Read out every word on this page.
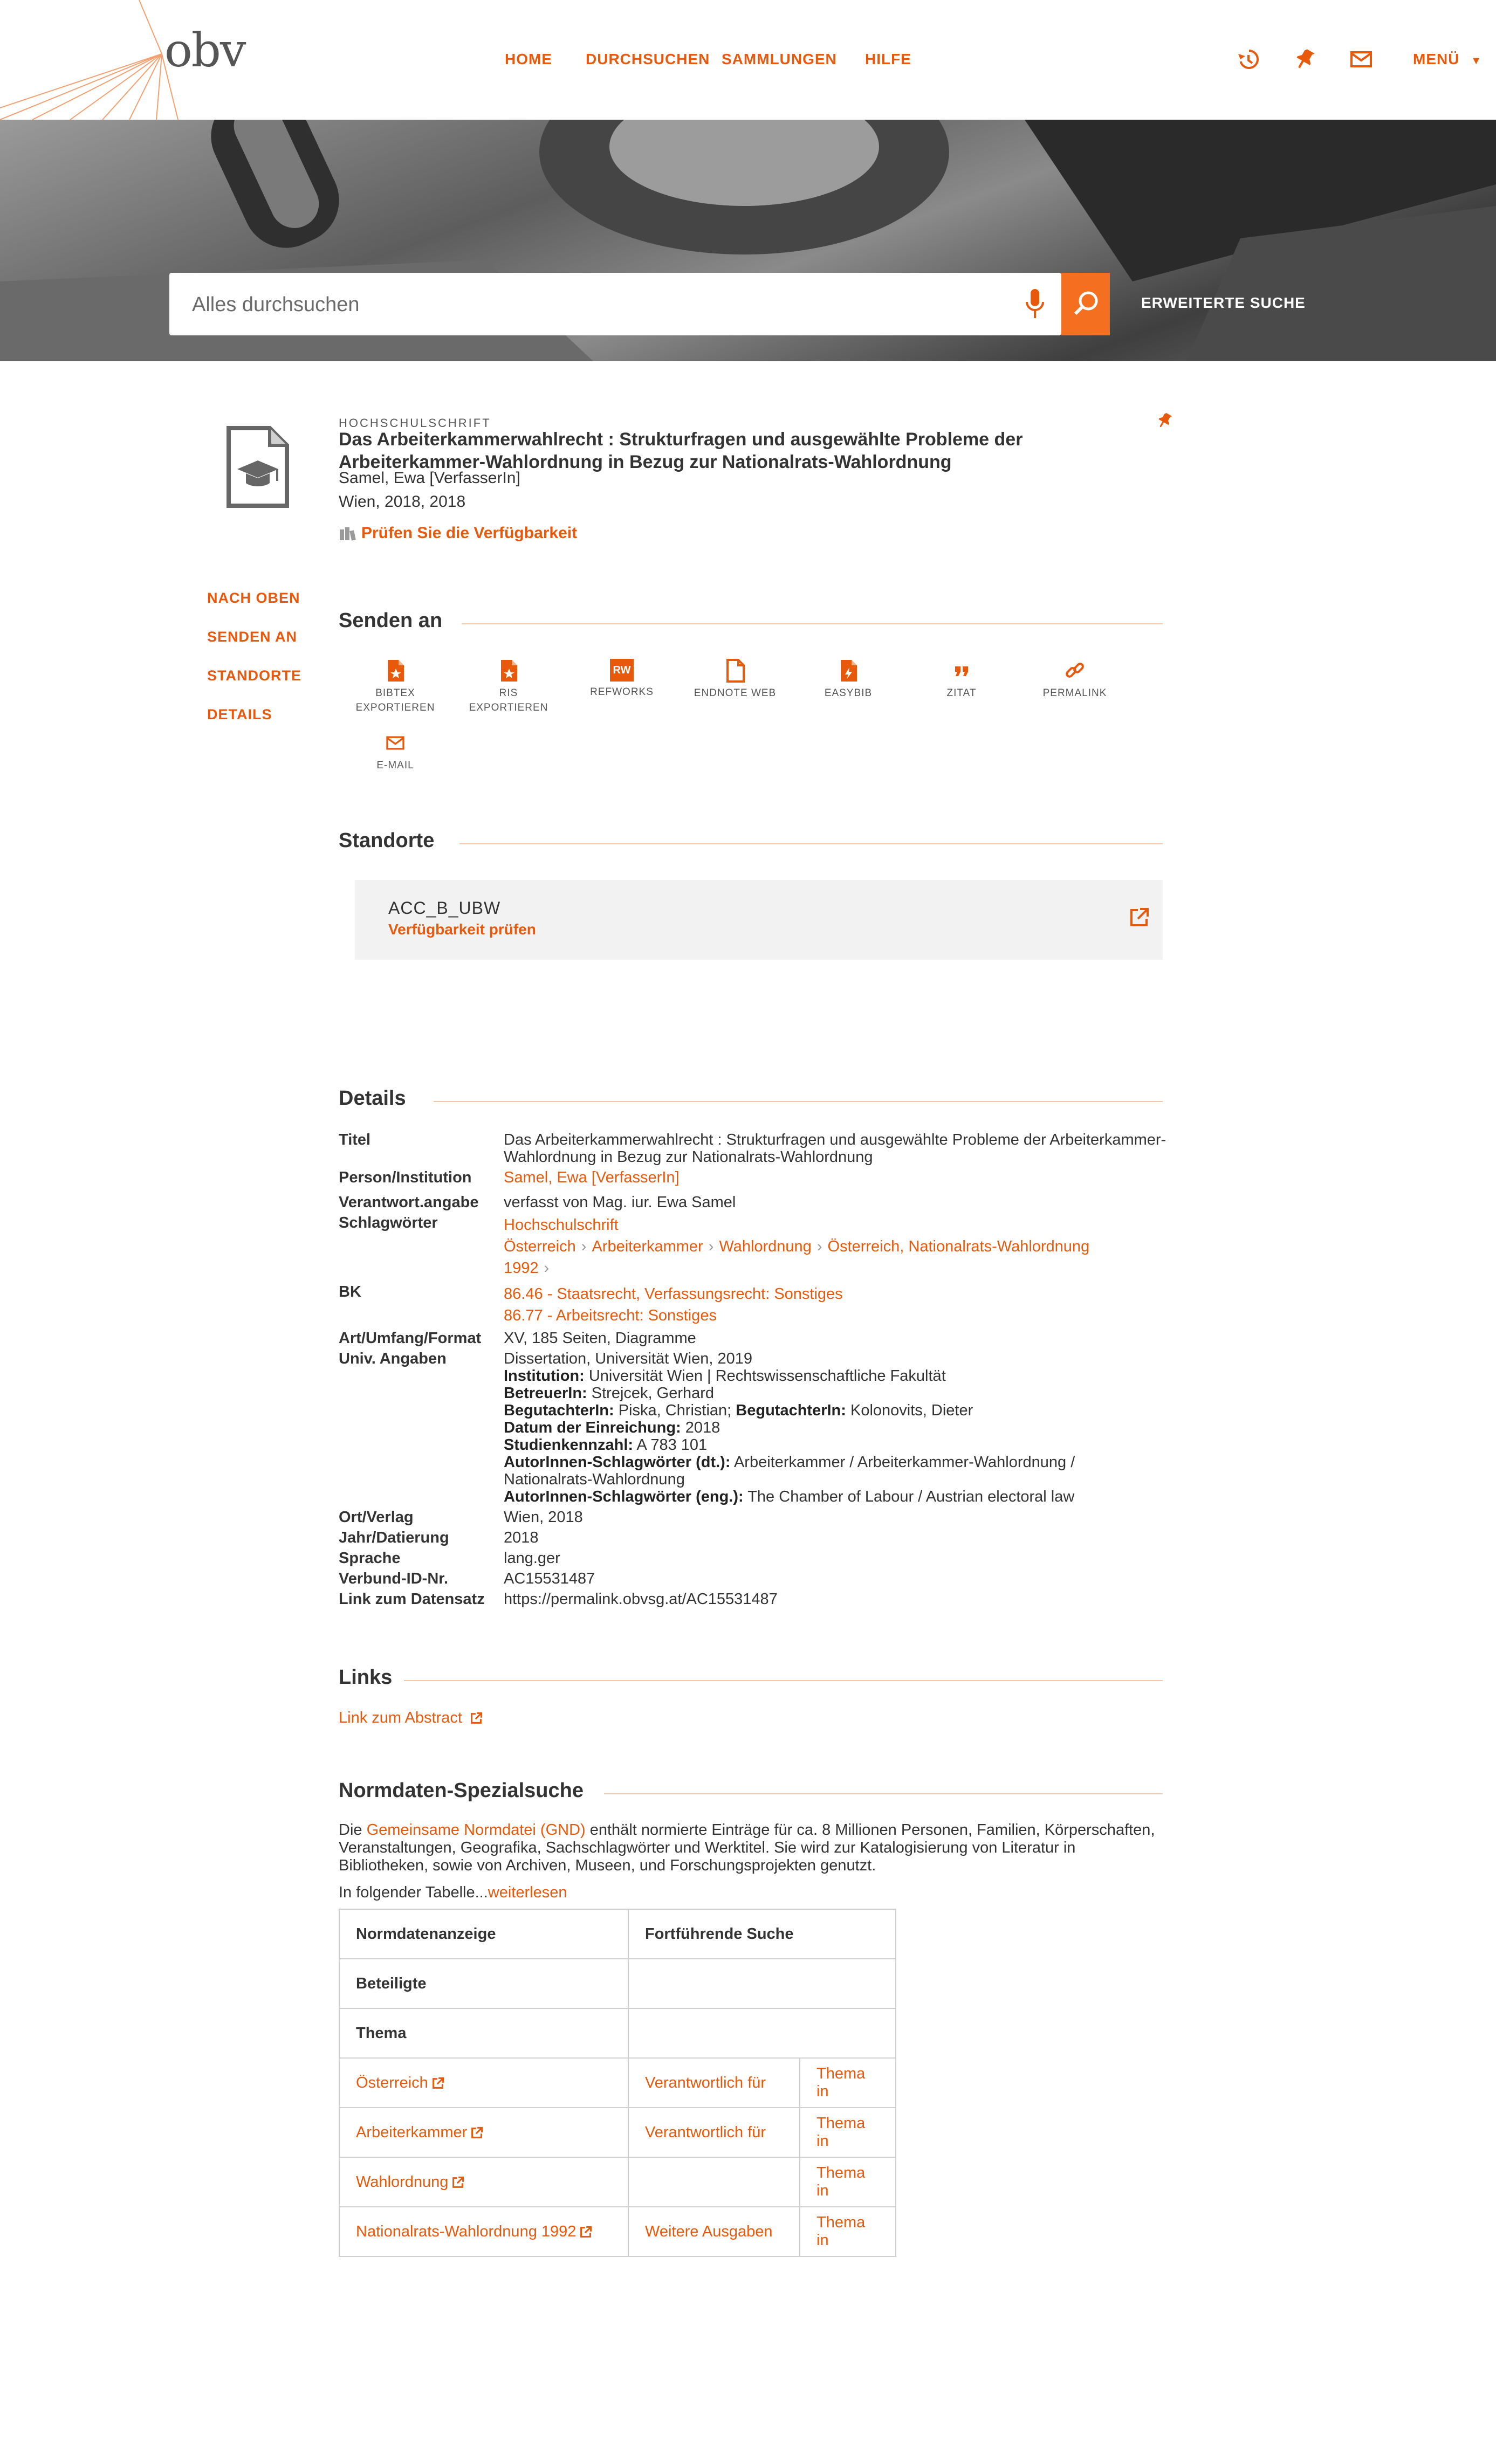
obv	HOME DURCHSUCHEN SAMMLUNGEN HILFE	MENÜ ▼
Alles durchsuchen
ERWEITERTE SUCHE
HOCHSCHULSCHRIFT
Das Arbeiterkammerwahlrecht : Strukturfragen und ausgewählte Probleme der Arbeiterkammer-Wahlordnung in Bezug zur Nationalrats-Wahlordnung
Samel, Ewa [VerfasserIn]
Wien, 2018, 2018
Prüfen Sie die Verfügbarkeit
NACH OBEN
SENDEN AN
STANDORTE
DETAILS
Senden an
BIBTEX
EXPORTIEREN
RIS
EXPORTIEREN
RW
REFWORKS	ENDNOTE WEB	EASYBIB	ZITAT	PERMALINK
E-MAIL
Standorte
ACC_B_UBW
Verfügbarkeit prüfen
Details
Titel	Das Arbeiterkammerwahlrecht : Strukturfragen und ausgewählte Probleme der Arbeiterkammer-Wahlordnung in Bezug zur Nationalrats-Wahlordnung
Person/Institution Samel, Ewa [VerfasserIn]
Verantwort.angabe verfasst von Mag. iur. Ewa Samel
Schlagwörter	Hochschulschrift
Österreich › Arbeiterkammer › Wahlordnung › Österreich, Nationalrats-Wahlordnung 1992 ›
BK	86.46 - Staatsrecht, Verfassungsrecht: Sonstiges
86.77 - Arbeitsrecht: Sonstiges
Art/Umfang/Format XV, 185 Seiten, Diagramme
Univ. Angaben	Dissertation, Universität Wien, 2019
Institution: Universität Wien | Rechtswissenschaftliche Fakultät
BetreuerIn: Strejcek, Gerhard
BegutachterIn: Piska, Christian; BegutachterIn: Kolonovits, Dieter
Datum der Einreichung: 2018
Studienkennzahl: A 783 101
AutorInnen-Schlagwörter (dt.): Arbeiterkammer / Arbeiterkammer-Wahlordnung / Nationalrats-Wahlordnung
AutorInnen-Schlagwörter (eng.): The Chamber of Labour / Austrian electoral law
Ort/Verlag	Wien, 2018
Jahr/Datierung	2018
Sprache	lang.ger
Verbund-ID-Nr.	AC15531487
Link zum Datensatz https://permalink.obvsg.at/AC15531487
Links
Link zum Abstract
Normdaten-Spezialsuche
Die Gemeinsame Normdatei (GND) enthält normierte Einträge für ca. 8 Millionen Personen, Familien, Körperschaften, Veranstaltungen, Geografika, Sachschlagwörter und Werktitel. Sie wird zur Katalogisierung von Literatur in Bibliotheken, sowie von Archiven, Museen, und Forschungsprojekten genutzt.
In folgender Tabelle...weiterlesen
Normdatenanzeige	Fortführende Suche	
Beteiligte		
Thema		
Österreich	Verantwortlich für	Thema in
Arbeiterkammer	Verantwortlich für	Thema in
Wahlordnung		Thema in
Nationalrats-Wahlordnung 1992	Weitere Ausgaben	Thema in
